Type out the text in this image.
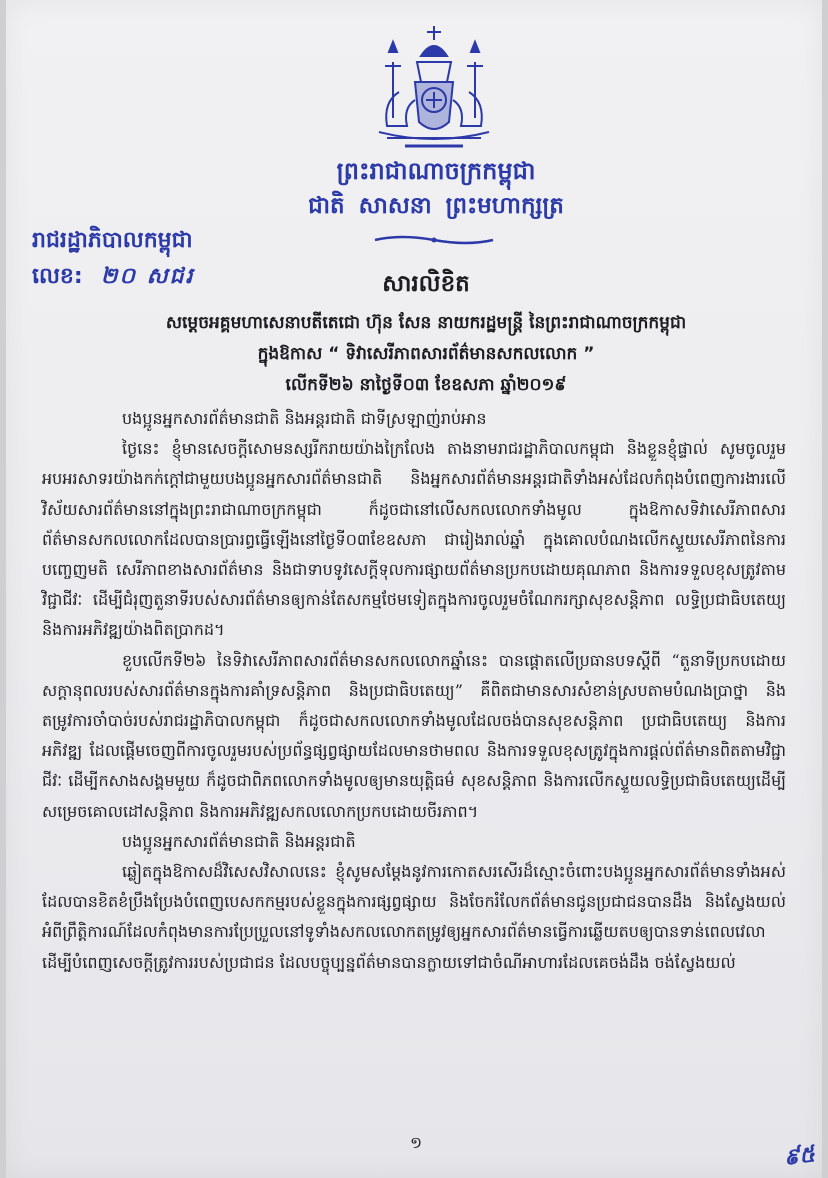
ព្រះរាជាណាចក្រកម្ពុជា
ជាតិ សាសនា ព្រះមហាក្សត្រ
រាជរដ្ឋាភិបាលកម្ពុជា
លេខ: ២០ សជរ	សារលិខិត
សម្តេចអគ្គមហាសេនាបតីតេជោ ហ៊ុន សែន នាយករដ្ឋមន្ត្រី នៃព្រះរាជាណាចក្រកម្ពុជា
ក្នុងឱកាស “ ទិវាសេរីភាពសារព័ត៌មានសកលលោក ”
លើកទី២៦ នាថ្ងៃទី០៣ ខែឧសភា ឆ្នាំ២០១៩

បងប្អូនអ្នកសារព័ត៌មានជាតិ និងអន្តរជាតិ ជាទីស្រឡាញ់រាប់អាន

ថ្ងៃនេះ ខ្ញុំមានសេចក្តីសោមនស្សរីករាយយ៉ាងក្រៃលែង តាងនាមរាជរដ្ឋាភិបាលកម្ពុជា និងខ្លួនខ្ញុំផ្ទាល់ សូមចូលរួមអបអរសាទរយ៉ាងកក់ក្តៅជាមួយបងប្អូនអ្នកសារព័ត៌មានជាតិ និងអ្នកសារព័ត៌មានអន្តរជាតិទាំងអស់ដែលកំពុងបំពេញការងារលើវិស័យសារព័ត៌មាននៅក្នុងព្រះរាជាណាចក្រកម្ពុជា ក៏ដូចជានៅលើសកលលោកទាំងមូល ក្នុងឱកាសទិវាសេរីភាពសារព័ត៌មានសកលលោកដែលបានប្រារព្ធធ្វើឡើងនៅថ្ងៃទី០៣ខែឧសភា ជារៀងរាល់ឆ្នាំ ក្នុងគោលបំណងលើកស្ទួយសេរីភាពនៃការបញ្ចេញមតិ សេរីភាពខាងសារព័ត៌មាន និងជាទាបទូវសេក្តីទុលការផ្សាយព័ត៌មានប្រកបដោយគុណភាព និងការទទួលខុសត្រូវតាមវិជ្ជាជីវៈ ដើម្បីជំរុញតួនាទីរបស់សារព័ត៌មានឲ្យកាន់តែសកម្មថែមទៀតក្នុងការចូលរួមចំណែករក្សាសុខសន្តិភាព លទ្ធិប្រជាធិបតេយ្យ និងការអភិវឌ្ឍយ៉ាងពិតប្រាកដ។

ខួបលើកទី២៦ នៃទិវាសេរីភាពសារព័ត៌មានសកលលោកឆ្នាំនេះ បានផ្តោតលើប្រធានបទស្តីពី “តួនាទីប្រកបដោយសក្តានុពលរបស់សារព័ត៌មានក្នុងការគាំទ្រសន្តិភាព និងប្រជាធិបតេយ្យ” គឺពិតជាមានសារសំខាន់ស្របតាមបំណងប្រាថ្នា និងតម្រូវការចាំបាច់របស់រាជរដ្ឋាភិបាលកម្ពុជា ក៏ដូចជាសកលលោកទាំងមូលដែលចង់បានសុខសន្តិភាព ប្រជាធិបតេយ្យ និងការអភិវឌ្ឍ ដែលផ្តើមចេញពីការចូលរួមរបស់ប្រព័ន្ធផ្សព្វផ្សាយដែលមានថាមពល និងការទទួលខុសត្រូវក្នុងការផ្តល់ព័ត៌មានពិតតាមវិជ្ជាជីវៈ ដើម្បីកសាងសង្គមមួយ ក៏ដូចជាពិភពលោកទាំងមូលឲ្យមានយុត្តិធម៌ សុខសន្តិភាព និងការលើកស្ទួយលទ្ធិប្រជាធិបតេយ្យដើម្បីសម្រេចគោលដៅសន្តិភាព និងការអភិវឌ្ឍសកលលោកប្រកបដោយចីរភាព។

បងប្អូនអ្នកសារព័ត៌មានជាតិ និងអន្តរជាតិ

ឆ្លៀតក្នុងឱកាសដ៏វិសេសវិសាលនេះ ខ្ញុំសូមសម្តែងនូវការកោតសរសើរដ៏ស្មោះចំពោះបងប្អូនអ្នកសារព័ត៌មានទាំងអស់ ដែលបានខិតខំប្រឹងប្រែងបំពេញបេសកកម្មរបស់ខ្លួនក្នុងការផ្សព្វផ្សាយ និងចែករំលែកព័ត៌មានជូនប្រជាជនបានដឹង និងស្វែងយល់អំពីព្រឹត្តិការណ៍ដែលកំពុងមានការប្រែប្រួលនៅទូទាំងសកលលោកតម្រូវឲ្យអ្នកសារព័ត៌មានធ្វើការឆ្លើយតបឲ្យបានទាន់ពេលវេលាដើម្បីបំពេញសេចក្តីត្រូវការរបស់ប្រជាជន ដែលបច្ចុប្បន្នព័ត៌មានបានក្លាយទៅជាចំណីអាហារដែលគេចង់ដឹង ចង់ស្វែងយល់

១	៩៥
